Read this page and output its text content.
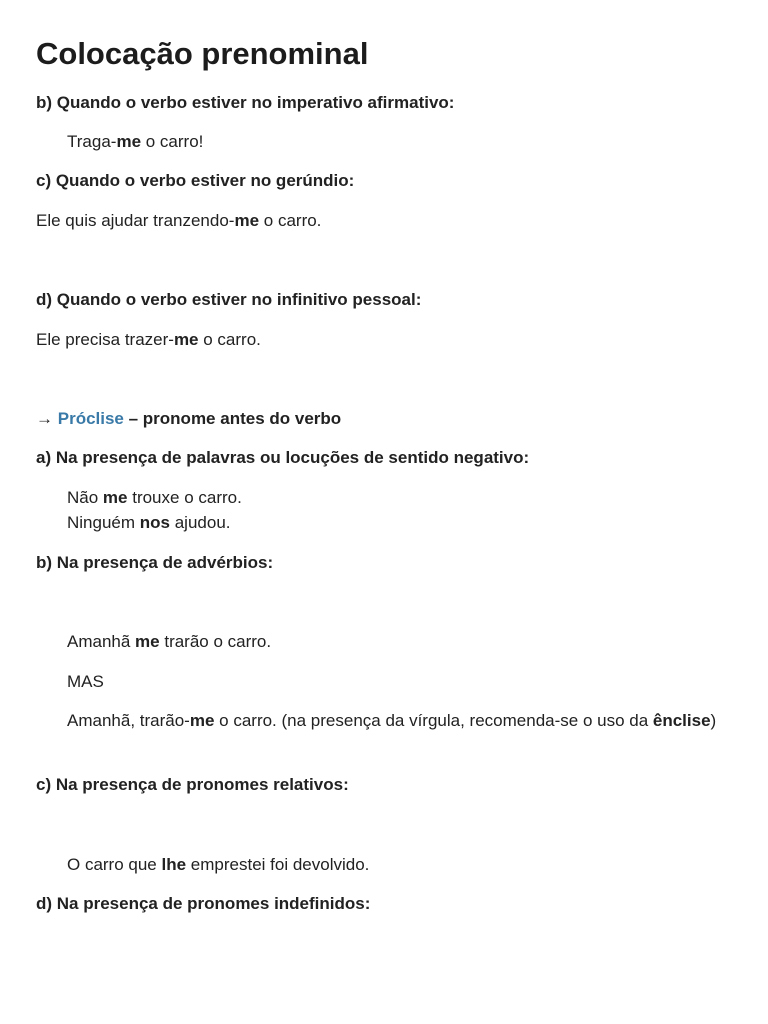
Colocação prenominal
b) Quando o verbo estiver no imperativo afirmativo:
Traga-me o carro!
c) Quando o verbo estiver no gerúndio:
Ele quis ajudar tranzendo-me o carro.
d) Quando o verbo estiver no infinitivo pessoal:
Ele precisa trazer-me o carro.
→ Próclise – pronome antes do verbo
a) Na presença de palavras ou locuções de sentido negativo:
Não me trouxe o carro.
Ninguém nos ajudou.
b) Na presença de advérbios:
Amanhã me trarão o carro.
MAS
Amanhã, trarão-me o carro. (na presença da vírgula, recomenda-se o uso da ênclise)
c) Na presença de pronomes relativos:
O carro que lhe emprestei foi devolvido.
d) Na presença de pronomes indefinidos:
